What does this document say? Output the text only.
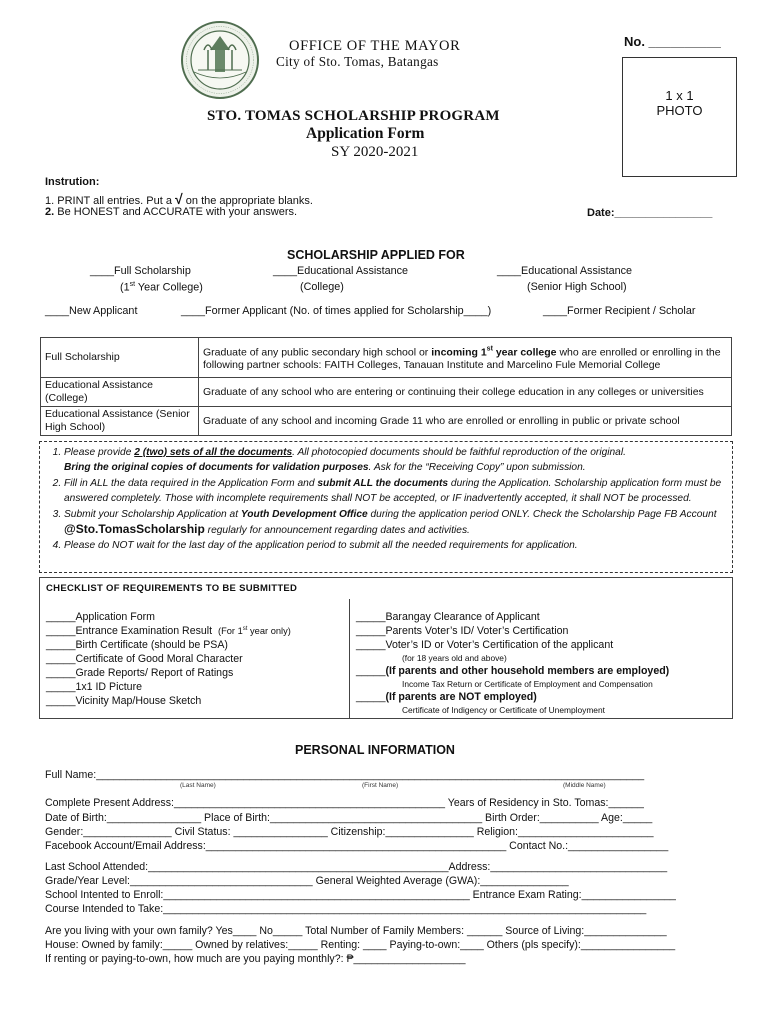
OFFICE OF THE MAYOR
City of Sto. Tomas, Batangas
No. __________
1 x 1
PHOTO
STO. TOMAS SCHOLARSHIP PROGRAM
Application Form
SY 2020-2021
Instrution:
1. PRINT all entries. Put a √ on the appropriate blanks.
2. Be HONEST and ACCURATE with your answers.	Date:________________
SCHOLARSHIP APPLIED FOR
____Full Scholarship
(1st Year College)
____Educational Assistance
(College)
____Educational Assistance
(Senior High School)
____New Applicant	____Former Applicant (No. of times applied for Scholarship____)	____Former Recipient / Scholar
Full Scholarship	Graduate of any public secondary high school or incoming 1st year college who are enrolled or enrolling in the following partner schools: FAITH Colleges, Tanauan Institute and Marcelino Fule Memorial College
Educational Assistance (College)	Graduate of any school who are entering or continuing their college education in any colleges or universities
Educational Assistance (Senior High School)	Graduate of any school and incoming Grade 11 who are enrolled or enrolling in public or private school
1. Please provide 2 (two) sets of all the documents. All photocopied documents should be faithful reproduction of the original.
Bring the original copies of documents for validation purposes. Ask for the “Receiving Copy” upon submission.
2. Fill in ALL the data required in the Application Form and submit ALL the documents during the Application. Scholarship application form must be answered completely. Those with incomplete requirements shall NOT be accepted, or IF inadvertently accepted, it shall NOT be processed.
3. Submit your Scholarship Application at Youth Development Office during the application period ONLY. Check the Scholarship Page FB Account @Sto.TomasScholarship regularly for announcement regarding dates and activities.
4. Please do NOT wait for the last day of the application period to submit all the needed requirements for application.
CHECKLIST OF REQUIREMENTS TO BE SUBMITTED
_____Application Form
_____Entrance Examination Result (For 1st year only)
_____Birth Certificate (should be PSA)
_____Certificate of Good Moral Character
_____Grade Reports/ Report of Ratings
_____1x1 ID Picture
_____Vicinity Map/House Sketch
_____Barangay Clearance of Applicant
_____Parents Voter’s ID/ Voter’s Certification
_____Voter’s ID or Voter’s Certification of the applicant
(for 18 years old and above)
_____(If parents and other household members are employed)
Income Tax Return or Certificate of Employment and Compensation
_____(If parents are NOT employed)
Certificate of Indigency or Certificate of Unemployment
PERSONAL INFORMATION
Full Name:_____________________________________________________________________________________________
(Last Name)	(First Name)	(Middle Name)
Complete Present Address:______________________________________________ Years of Residency in Sto. Tomas:______
Date of Birth:________________ Place of Birth:____________________________________ Birth Order:__________ Age:_____
Gender:_______________ Civil Status: ________________ Citizenship:_______________ Religion:_______________________
Facebook Account/Email Address:___________________________________________________ Contact No.:_________________
Last School Attended:___________________________________________________Address:______________________________
Grade/Year Level:_______________________________ General Weighted Average (GWA):_______________
School Intented to Enroll:____________________________________________________ Entrance Exam Rating:________________
Course Intended to Take:__________________________________________________________________________________
Are you living with your own family? Yes____ No_____ Total Number of Family Members: ______ Source of Living:______________
House: Owned by family:_____ Owned by relatives:_____ Renting: ____ Paying-to-own:____ Others (pls specify):________________
If renting or paying-to-own, how much are you paying monthly?: ₱___________________
